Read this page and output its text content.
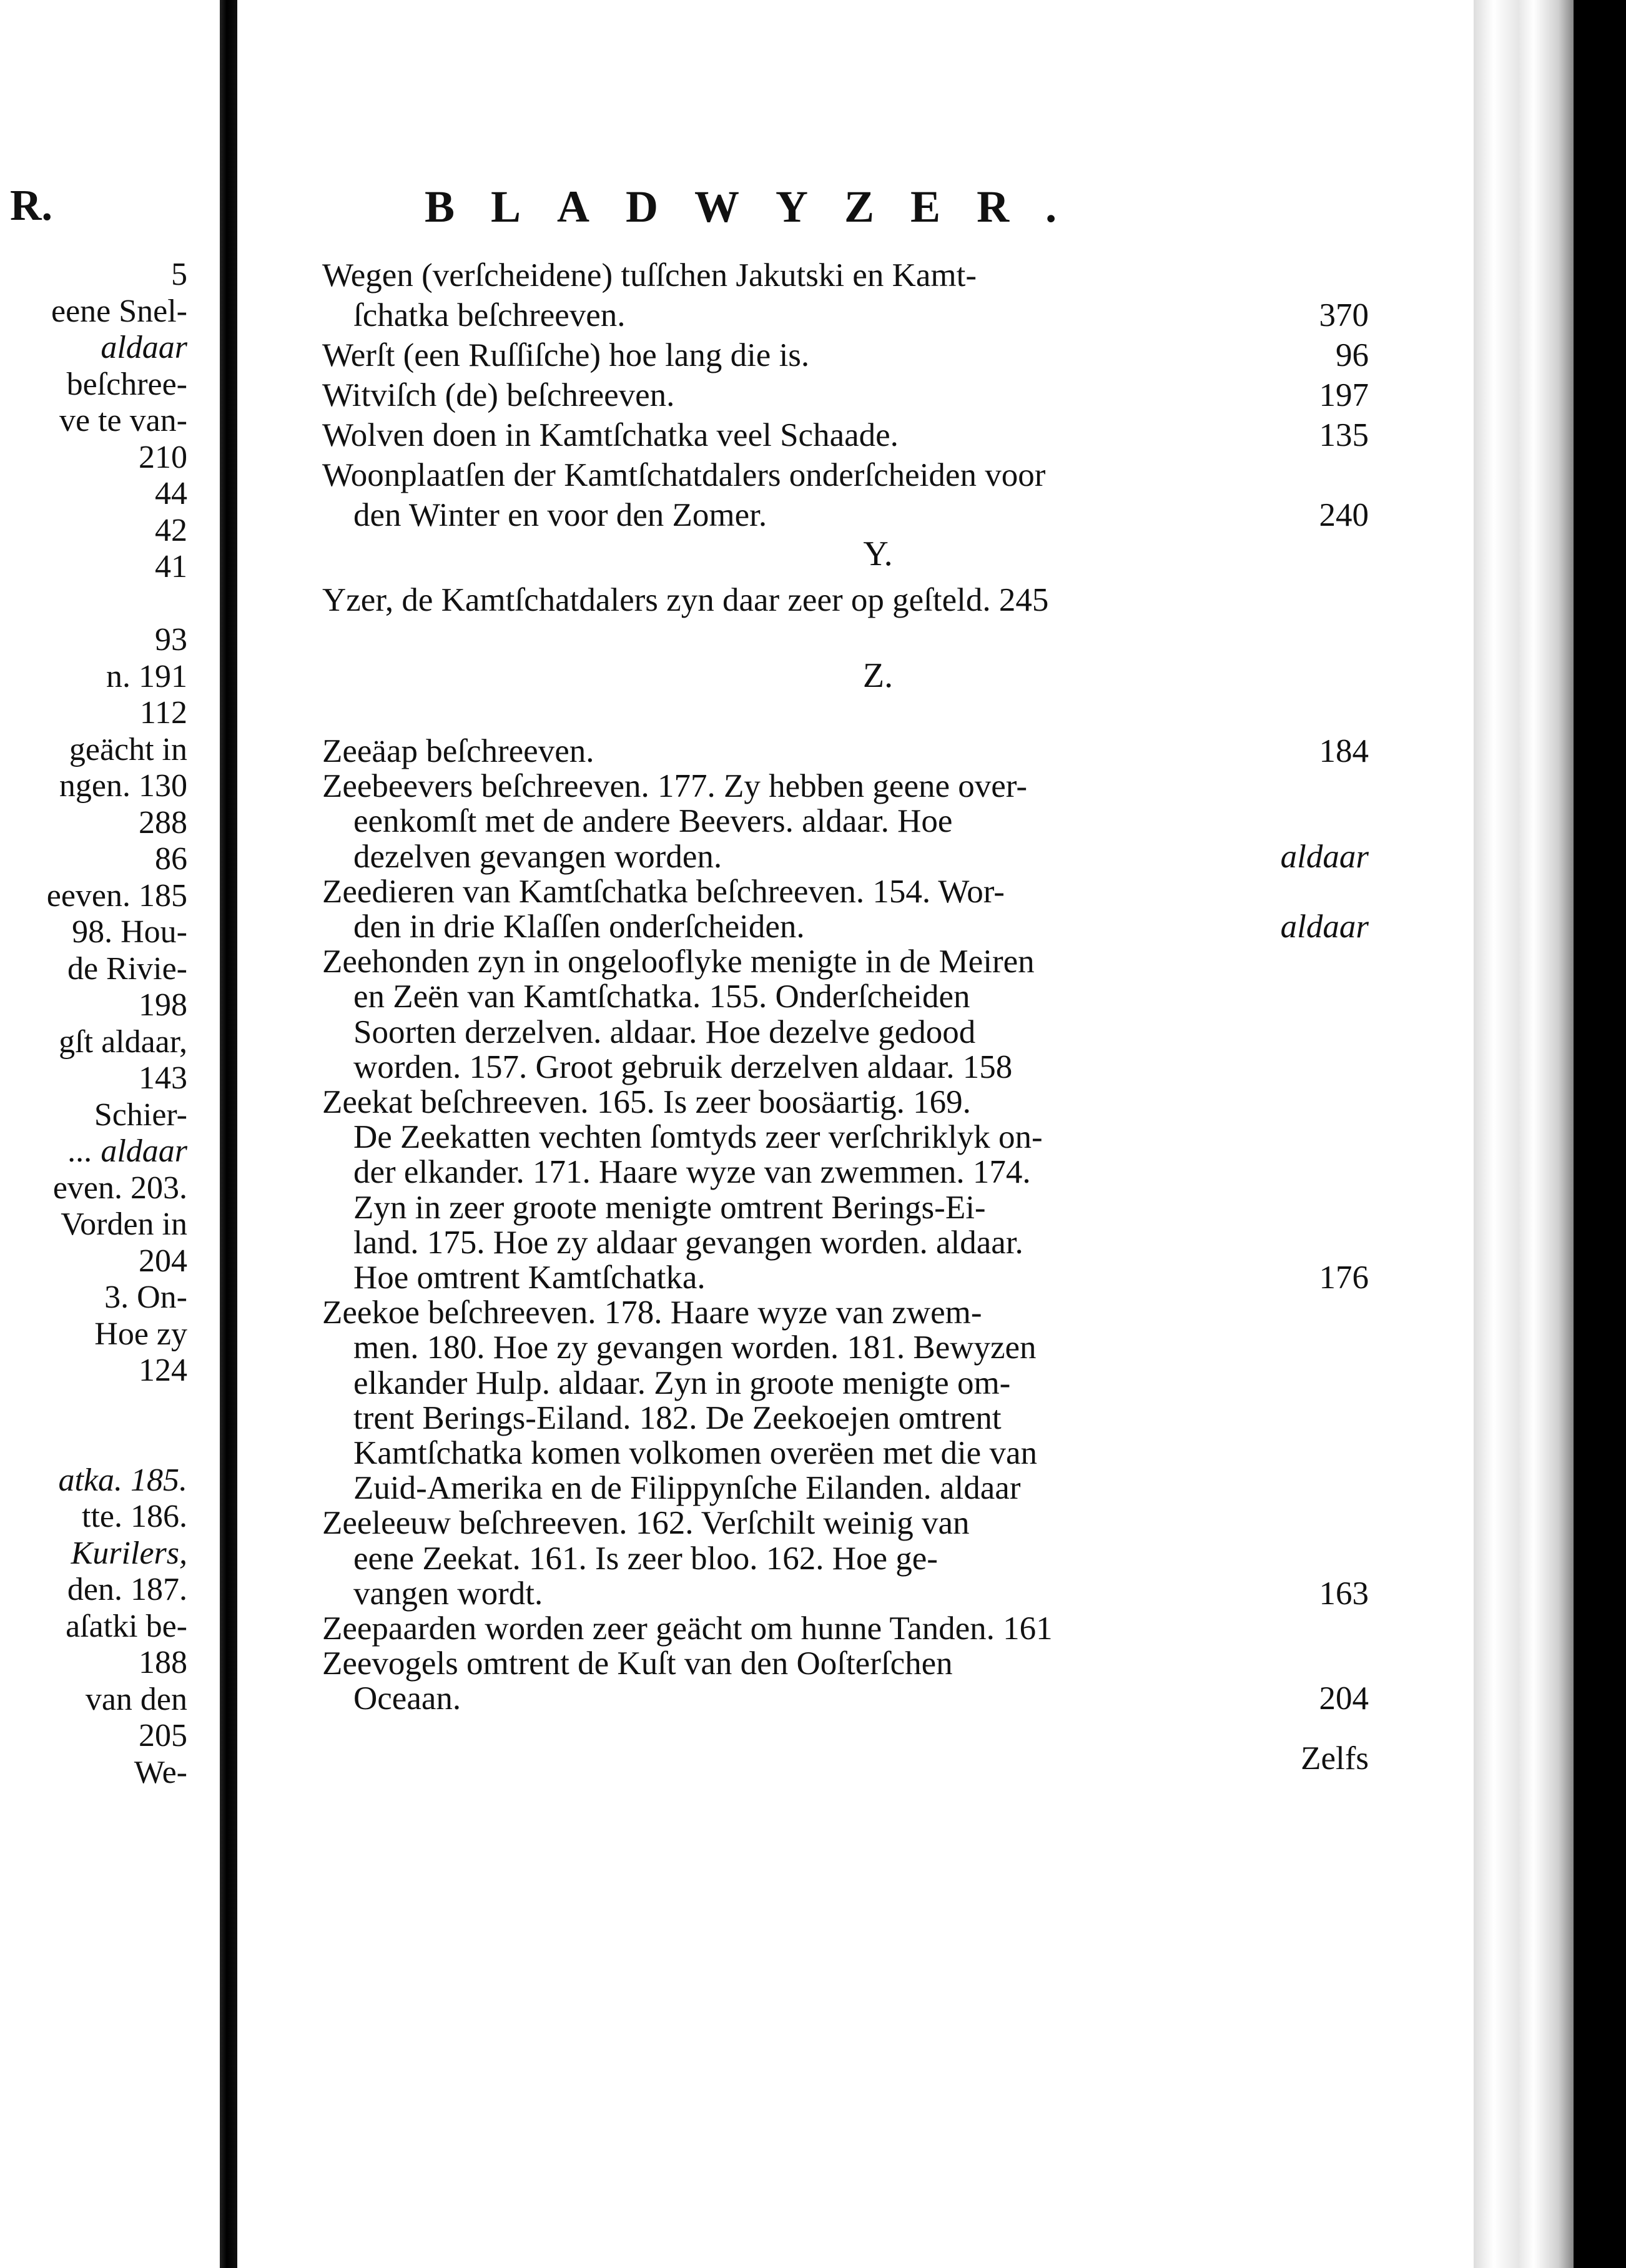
R.
5
eene Snel-
aldaar
beſchree-
ve te van-
210
44
42
41
93
n. 191
112
geächt in
ngen. 130
288
86
eeven. 185
98. Hou-
de Rivie-
198
gſt aldaar,
143
Schier-
... aldaar
even. 203.
Vorden in
204
3. On-
Hoe zy
124
atka. 185.
tte. 186.
Kurilers,
den. 187.
aſatki be-
188
van den
205
We-
BLADWYZER.
Wegen (verſcheidene) tuſſchen Jakutski en Kamt-
ſchatka beſchreeven.	370
Werſt (een Ruſſiſche) hoe lang die is.	96
Witviſch (de) beſchreeven.	197
Wolven doen in Kamtſchatka veel Schaade.	135
Woonplaatſen der Kamtſchatdalers onderſcheiden voor
den Winter en voor den Zomer.	240
Y.
Yzer, de Kamtſchatdalers zyn daar zeer op geſteld. 245
Z.
Zeeäap beſchreeven.	184
Zeebeevers beſchreeven. 177. Zy hebben geene over-
eenkomſt met de andere Beevers. aldaar. Hoe
dezelven gevangen worden.	aldaar
Zeedieren van Kamtſchatka beſchreeven. 154. Wor-
den in drie Klaſſen onderſcheiden.	aldaar
Zeehonden zyn in ongelooflyke menigte in de Meiren
en Zeën van Kamtſchatka. 155. Onderſcheiden
Soorten derzelven. aldaar. Hoe dezelve gedood
worden. 157. Groot gebruik derzelven aldaar. 158
Zeekat beſchreeven. 165. Is zeer boosäartig. 169.
De Zeekatten vechten ſomtyds zeer verſchriklyk on-
der elkander. 171. Haare wyze van zwemmen. 174.
Zyn in zeer groote menigte omtrent Berings-Ei-
land. 175. Hoe zy aldaar gevangen worden. aldaar.
Hoe omtrent Kamtſchatka.	176
Zeekoe beſchreeven. 178. Haare wyze van zwem-
men. 180. Hoe zy gevangen worden. 181. Bewyzen
elkander Hulp. aldaar. Zyn in groote menigte om-
trent Berings-Eiland. 182. De Zeekoejen omtrent
Kamtſchatka komen volkomen overëen met die van
Zuid-Amerika en de Filippynſche Eilanden. aldaar
Zeeleeuw beſchreeven. 162. Verſchilt weinig van
eene Zeekat. 161. Is zeer bloo. 162. Hoe ge-
vangen wordt.	163
Zeepaarden worden zeer geächt om hunne Tanden. 161
Zeevogels omtrent de Kuſt van den Ooſterſchen
Oceaan.	204
Zelfs
